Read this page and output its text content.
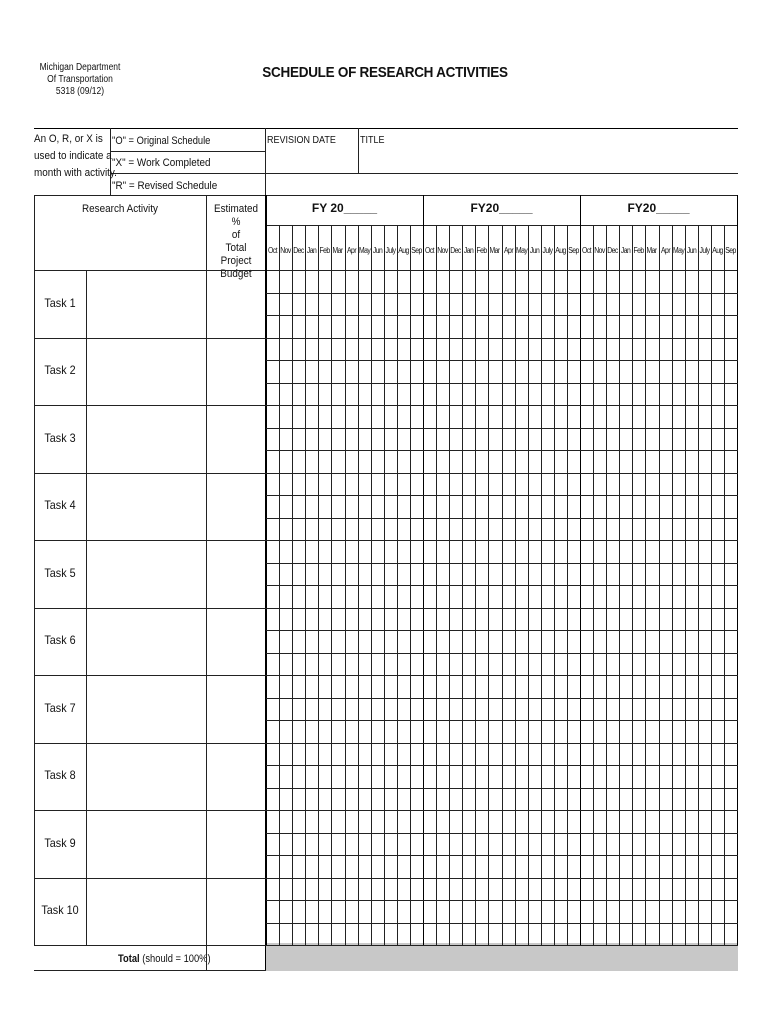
Michigan Department
Of Transportation
5318 (09/12)
SCHEDULE OF RESEARCH ACTIVITIES
An O, R, or X is
used to indicate a
month with activity.
"O" = Original Schedule
"X" = Work Completed
"R" = Revised Schedule
REVISION DATE TITLE
Research Activity	Estimated %
of
Total Project
Budget
FY 20_____	FY20_____	FY20_____
Oct Nov Dec Jan Feb Mar Apr May Jun July Aug Sep Oct Nov Dec Jan Feb Mar Apr May Jun July Aug Sep Oct Nov Dec Jan Feb Mar Apr May Jun July Aug Sep
Task 1
Task 2
Task 3
Task 4
Task 5
Task 6
Task 7
Task 8
Task 9
Task 10
Total (should = 100%)
